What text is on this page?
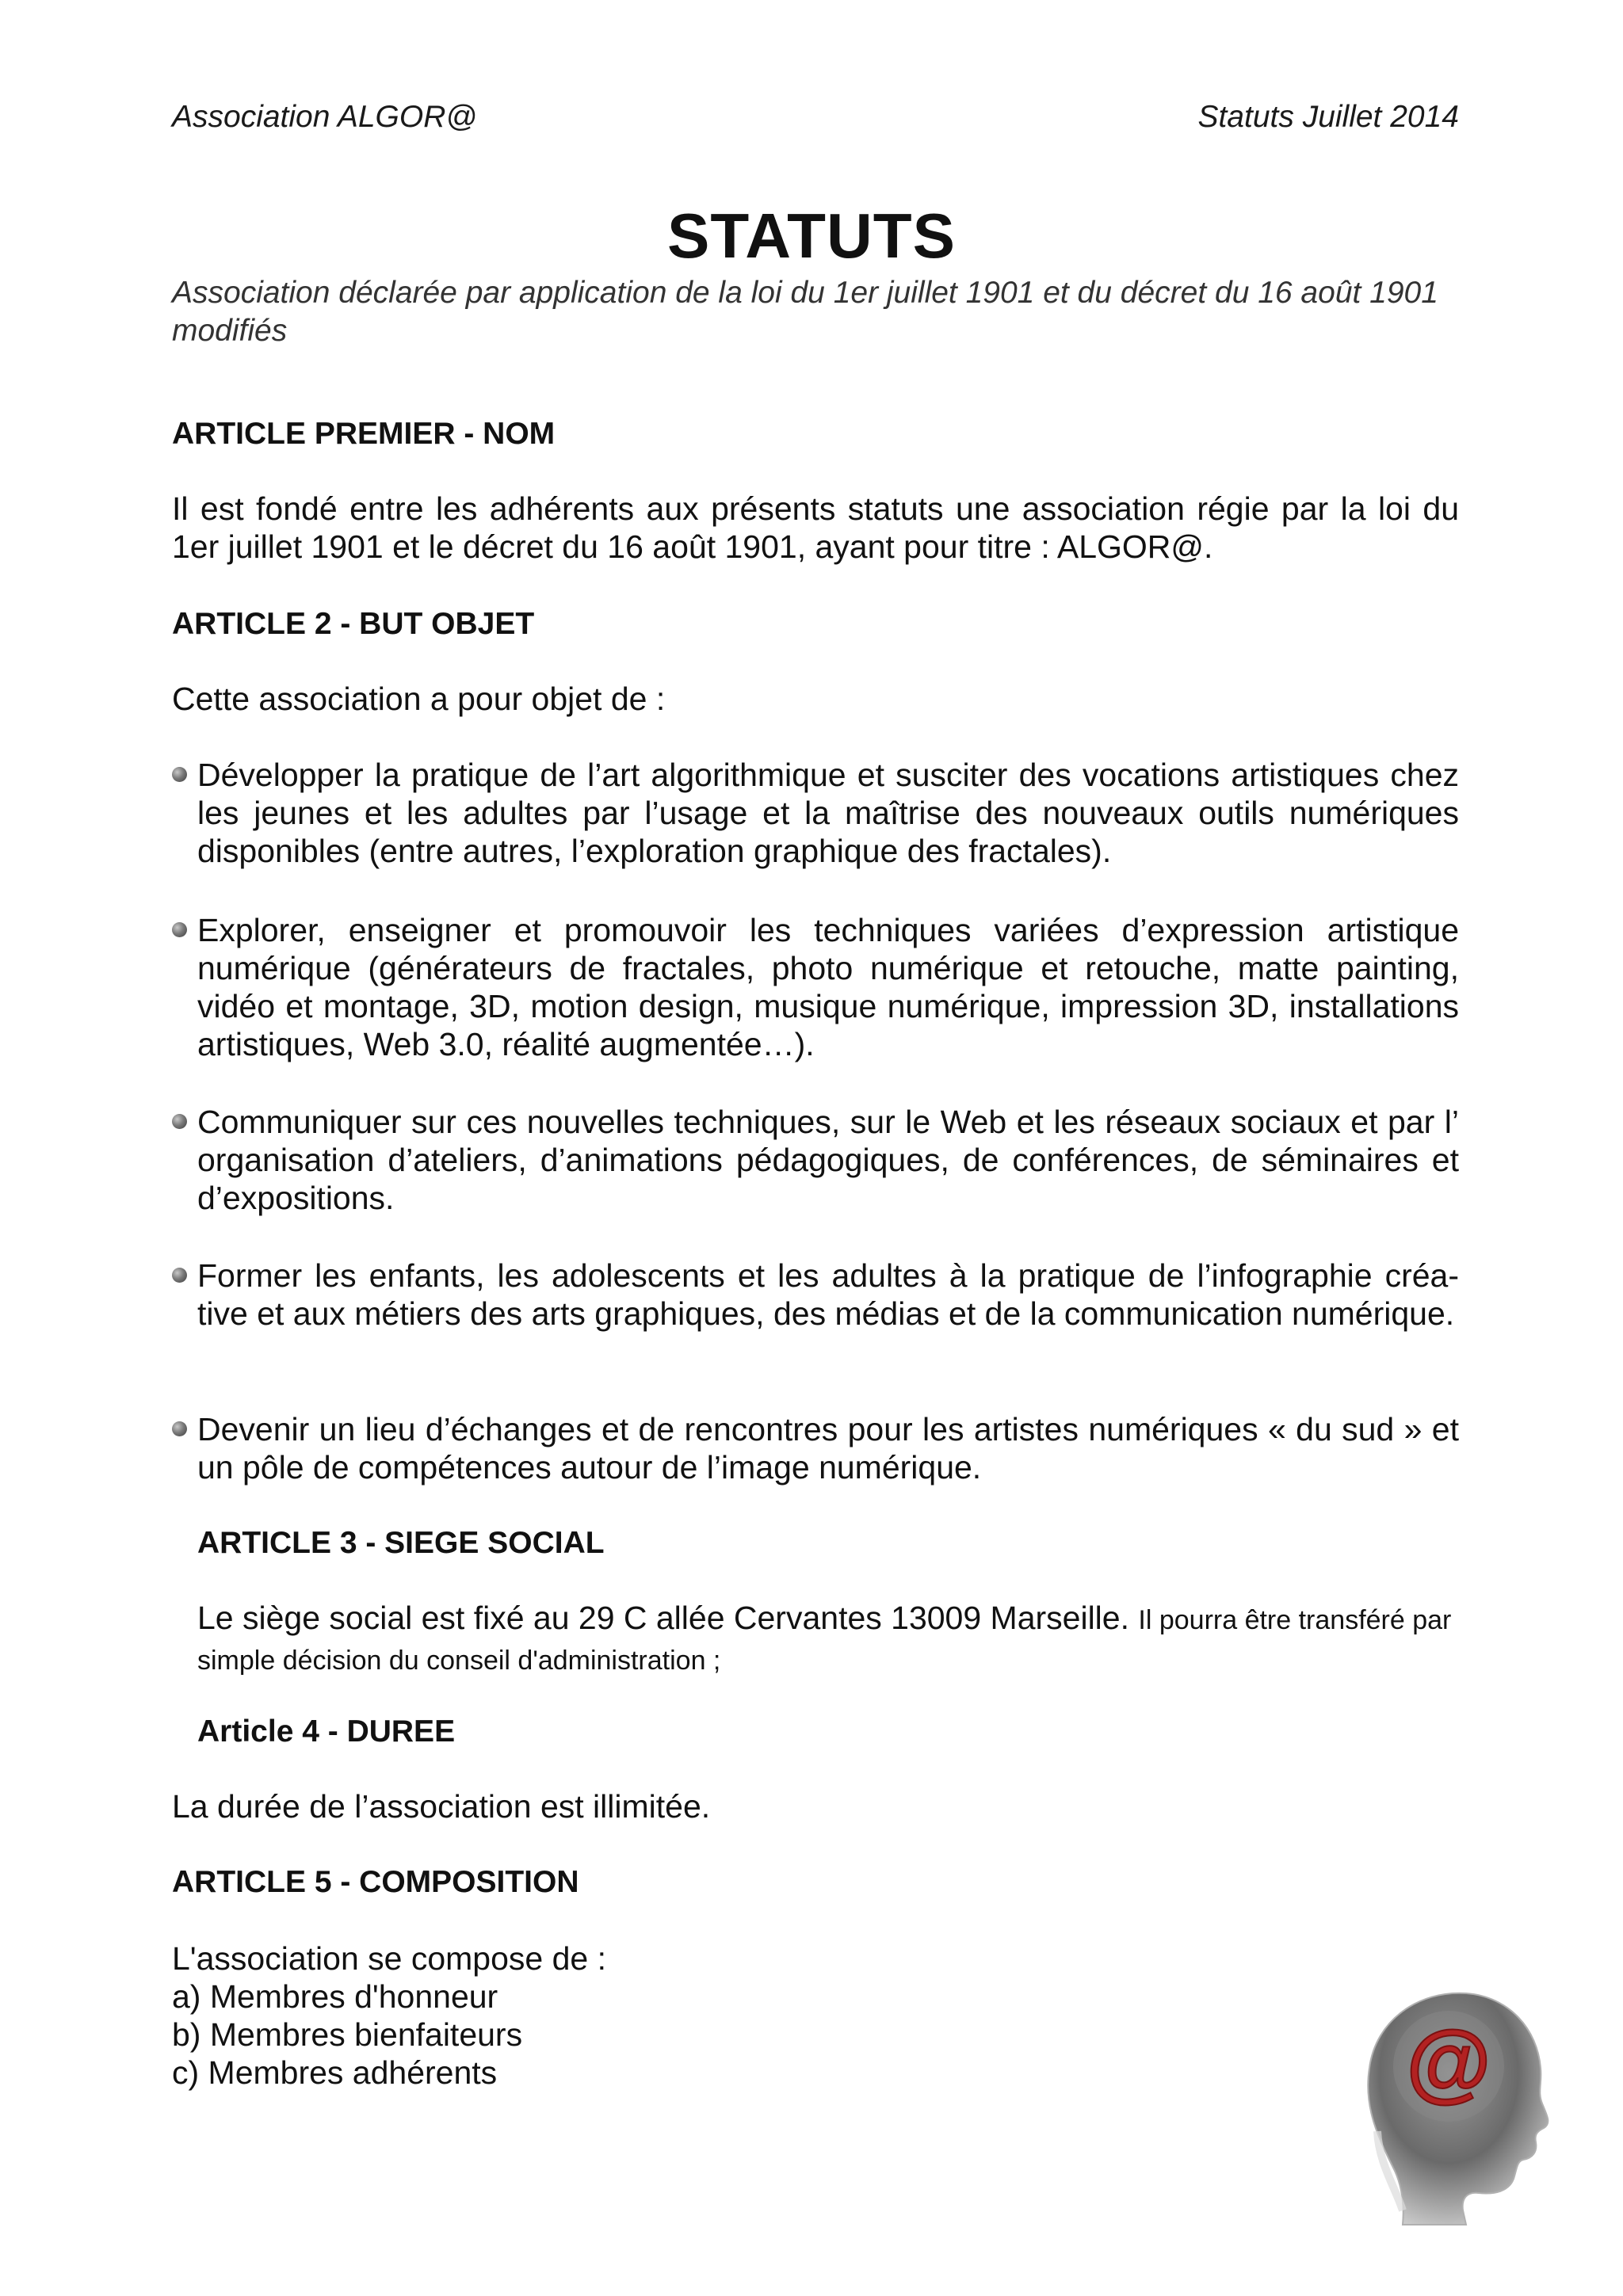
Association ALGOR@	Statuts Juillet 2014
STATUTS
Association déclarée par application de la loi du 1er juillet 1901 et du décret du 16 août 1901 modifiés
ARTICLE PREMIER - NOM
Il est fondé entre les adhérents aux présents statuts une association régie par la loi du 1er juillet 1901 et le décret du 16 août 1901, ayant pour titre : ALGOR@.
ARTICLE 2 - BUT OBJET
Cette association a pour objet de :
Développer la pratique de l’art algorithmique et susciter des vocations artistiques chez les jeunes et les adultes par l’usage et la maîtrise des nouveaux outils numériques disponibles (entre autres, l’exploration graphique des fractales).
Explorer, enseigner et promouvoir les techniques variées d’expression artistique numérique (générateurs de fractales, photo numérique et retouche, matte painting, vidéo et montage, 3D, motion design, musique numérique, impression 3D, installations artistiques, Web 3.0, réalité augmentée…).
Communiquer sur ces nouvelles techniques, sur le Web et les réseaux sociaux et par l’ organisation d’ateliers, d’animations pédagogiques, de conférences, de séminaires et d’expositions.
Former les enfants, les adolescents et les adultes à la pratique de l’infographie créa-tive et aux métiers des arts graphiques, des médias et de la communication numérique.
Devenir un lieu d’échanges et de rencontres pour les artistes numériques « du sud » et un pôle de compétences autour de l’image numérique.
ARTICLE 3 - SIEGE SOCIAL
Le siège social est fixé au 29 C allée Cervantes 13009 Marseille. Il pourra être transféré par simple décision du conseil d'administration ;
Article 4 - DUREE
La durée de l’association est illimitée.
ARTICLE 5 - COMPOSITION
L'association se compose de :
a) Membres d'honneur
b) Membres bienfaiteurs
c) Membres adhérents	@
